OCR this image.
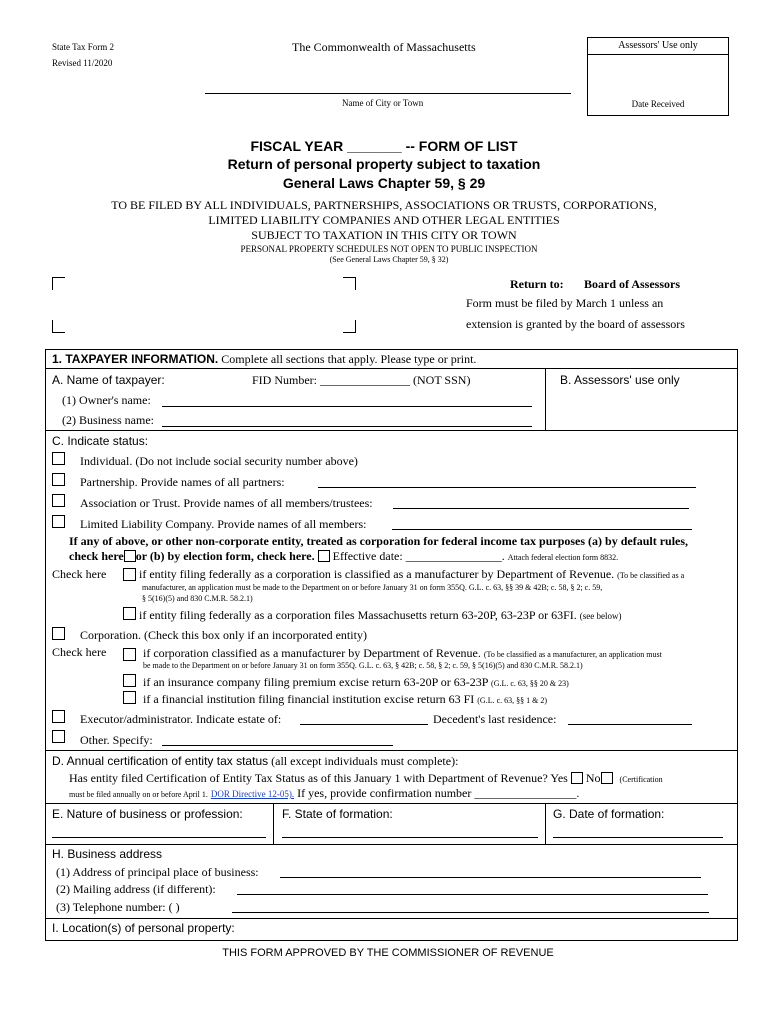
State Tax Form 2
Revised 11/2020
The Commonwealth of Massachusetts
Name of City or Town
Assessors' Use only
Date Received
FISCAL YEAR _______ -- FORM OF LIST
Return of personal property subject to taxation
General Laws Chapter 59, § 29
TO BE FILED BY ALL INDIVIDUALS, PARTNERSHIPS, ASSOCIATIONS OR TRUSTS, CORPORATIONS,
LIMITED LIABILITY COMPANIES AND OTHER LEGAL ENTITIES
SUBJECT TO TAXATION IN THIS CITY OR TOWN
PERSONAL PROPERTY SCHEDULES NOT OPEN TO PUBLIC INSPECTION
(See General Laws Chapter 59, § 32)
Return to: Board of Assessors
Form must be filed by March 1 unless an
extension is granted by the board of assessors
1. TAXPAYER INFORMATION. Complete all sections that apply. Please type or print.
A. Name of taxpayer:	FID Number: _______________ (NOT SSN)	B. Assessors' use only
(1) Owner's name:
(2) Business name:
C. Indicate status:
Individual. (Do not include social security number above)
Partnership. Provide names of all partners:
Association or Trust. Provide names of all members/trustees:
Limited Liability Company. Provide names of all members:
If any of above, or other non-corporate entity, treated as corporation for federal income tax purposes (a) by default rules,
check here or (b) by election form, check here. Effective date: ________________. Attach federal election form 8832.
Check here	if entity filing federally as a corporation is classified as a manufacturer by Department of Revenue. (To be classified as a
manufacturer, an application must be made to the Department on or before January 31 on form 355Q. G.L. c. 63, §§ 39 & 42B; c. 58, § 2; c. 59,
§ 5(16)(5) and 830 C.M.R. 58.2.1)
if entity filing federally as a corporation files Massachusetts return 63-20P, 63-23P or 63FI. (see below)
Corporation. (Check this box only if an incorporated entity)
Check here	if corporation classified as a manufacturer by Department of Revenue. (To be classified as a manufacturer, an application must
be made to the Department on or before January 31 on form 355Q. G.L. c. 63, § 42B; c. 58, § 2; c. 59, § 5(16)(5) and 830 C.M.R. 58.2.1)
if an insurance company filing premium excise return 63-20P or 63-23P (G.L. c. 63, §§ 20 & 23)
if a financial institution filing financial institution excise return 63 FI (G.L. c. 63, §§ 1 & 2)
Executor/administrator. Indicate estate of:	Decedent's last residence:
Other. Specify:
D. Annual certification of entity tax status (all except individuals must complete):
Has entity filed Certification of Entity Tax Status as of this January 1 with Department of Revenue? Yes No (Certification
must be filed annually on or before April 1. DOR Directive 12-05). If yes, provide confirmation number _________________.
E. Nature of business or profession:	F. State of formation:	G. Date of formation:
H. Business address
(1) Address of principal place of business:
(2) Mailing address (if different):
(3) Telephone number: ( )
I. Location(s) of personal property:
THIS FORM APPROVED BY THE COMMISSIONER OF REVENUE
